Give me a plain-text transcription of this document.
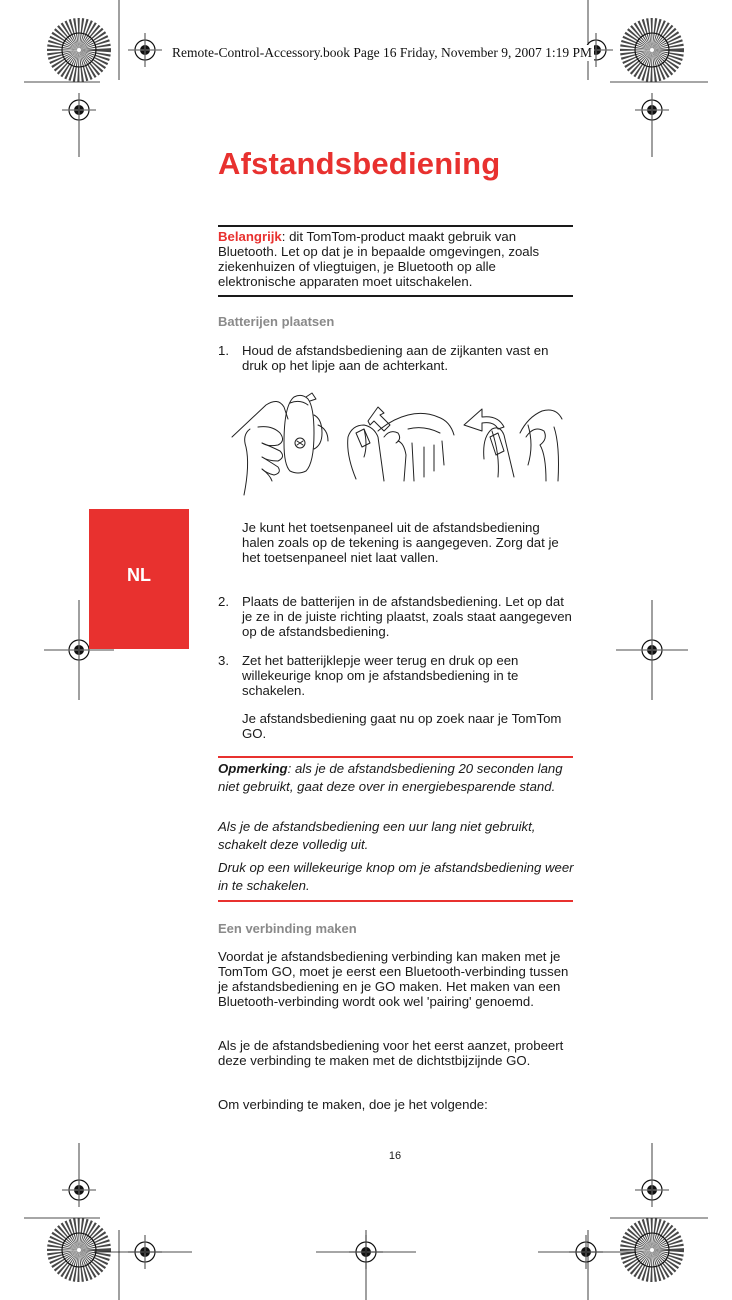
Remote-Control-Accessory.book Page 16 Friday, November 9, 2007 1:19 PM
Afstandsbediening
Belangrijk: dit TomTom-product maakt gebruik van Bluetooth. Let op dat je in bepaalde omgevingen, zoals ziekenhuizen of vliegtuigen, je Bluetooth op alle elektronische apparaten moet uitschakelen.
Batterijen plaatsen
1. Houd de afstandsbediening aan de zijkanten vast en druk op het lipje aan de achterkant.
Je kunt het toetsenpaneel uit de afstandsbediening halen zoals op de tekening is aangegeven. Zorg dat je het toetsenpaneel niet laat vallen.
NL
2. Plaats de batterijen in de afstandsbediening. Let op dat je ze in de juiste richting plaatst, zoals staat aangegeven op de afstandsbediening.
3. Zet het batterijklepje weer terug en druk op een willekeurige knop om je afstandsbediening in te schakelen.
Je afstandsbediening gaat nu op zoek naar je TomTom GO.
Opmerking: als je de afstandsbediening 20 seconden lang niet gebruikt, gaat deze over in energiebesparende stand.
Als je de afstandsbediening een uur lang niet gebruikt, schakelt deze volledig uit.
Druk op een willekeurige knop om je afstandsbediening weer in te schakelen.
Een verbinding maken
Voordat je afstandsbediening verbinding kan maken met je TomTom GO, moet je eerst een Bluetooth-verbinding tussen je afstandsbediening en je GO maken. Het maken van een Bluetooth-verbinding wordt ook wel 'pairing' genoemd.
Als je de afstandsbediening voor het eerst aanzet, probeert deze verbinding te maken met de dichtstbijzijnde GO.
Om verbinding te maken, doe je het volgende:
16
